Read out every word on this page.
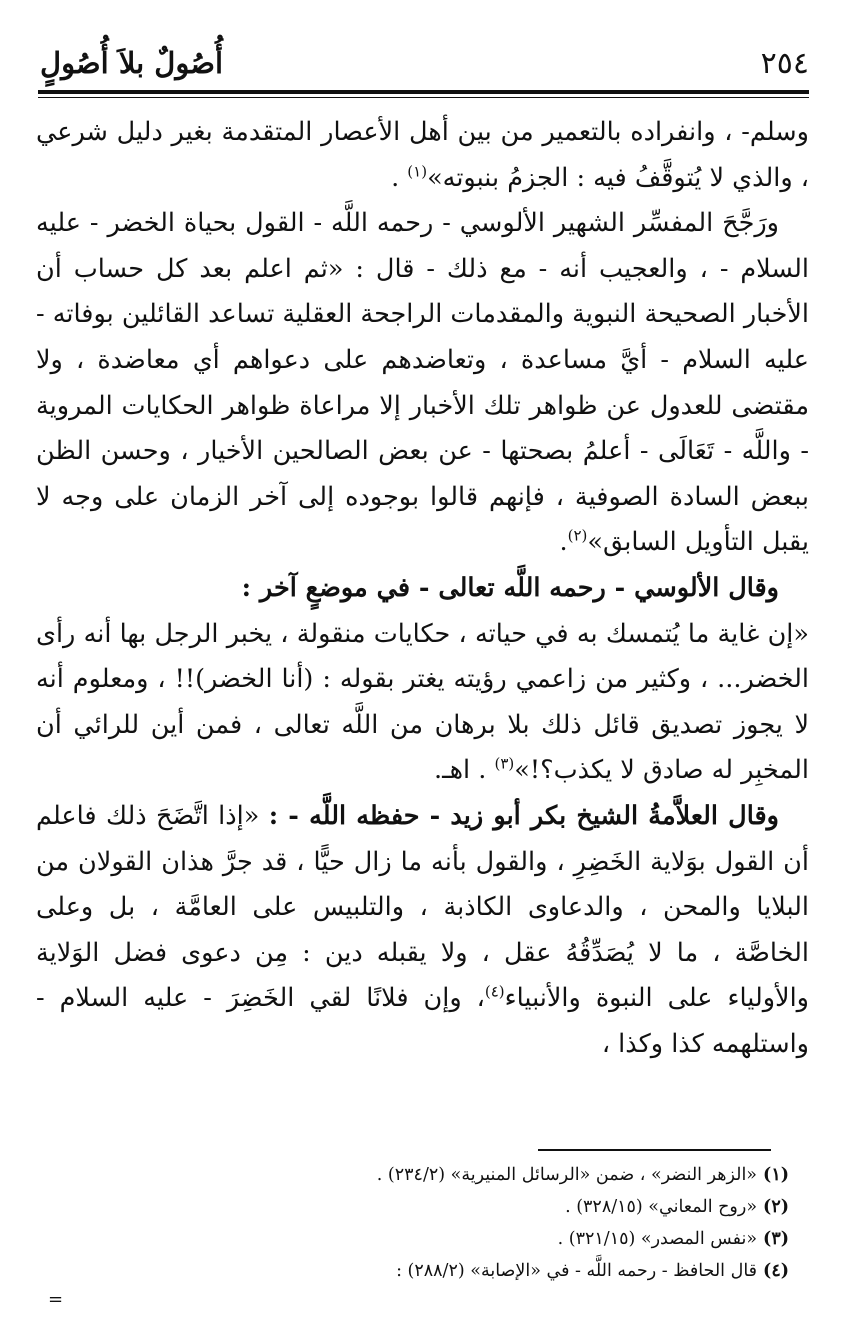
٢٥٤
أُصُولٌ بلاَ أُصُولٍ

وسلم- ، وانفراده بالتعمير من بين أهل الأعصار المتقدمة بغير دليل شرعي ، والذي لا يُتوقَّفُ فيه : الجزمُ بنبوته»$^{(١)}$ .

ورَجَّحَ المفسِّر الشهير الألوسي - رحمه اللَّه - القول بحياة الخضر - عليه السلام - ، والعجيب أنه - مع ذلك - قال : «ثم اعلم بعد كل حساب أن الأخبار الصحيحة النبوية والمقدمات الراجحة العقلية تساعد القائلين بوفاته - عليه السلام - أيَّ مساعدة ، وتعاضدهم على دعواهم أي معاضدة ، ولا مقتضى للعدول عن ظواهر تلك الأخبار إلا مراعاة ظواهر الحكايات المروية - واللَّه - تَعَالَى - أعلمُ بصحتها - عن بعض الصالحين الأخيار ، وحسن الظن ببعض السادة الصوفية ، فإنهم قالوا بوجوده إلى آخر الزمان على وجه لا يقبل التأويل السابق»$^{(٢)}$.

وقال الألوسي - رحمه اللَّه تعالى - في موضعٍ آخر :

«إن غاية ما يُتمسك به في حياته ، حكايات منقولة ، يخبر الرجل بها أنه رأى الخضر... ، وكثير من زاعمي رؤيته يغتر بقوله : (أنا الخضر)!! ، ومعلوم أنه لا يجوز تصديق قائل ذلك بلا برهان من اللَّه تعالى ، فمن أين للرائي أن المخبِر له صادق لا يكذب؟!»$^{(٣)}$ . اهـ.

وقال العلاَّمةُ الشيخ بكر أبو زيد - حفظه اللَّه - : «إذا اتَّضَحَ ذلك فاعلم أن القول بوَلاية الخَضِرِ ، والقول بأنه ما زال حيًّا ، قد جرَّ هذان القولان من البلايا والمحن ، والدعاوى الكاذبة ، والتلبيس على العامَّة ، بل وعلى الخاصَّة ، ما لا يُصَدِّقُهُ عقل ، ولا يقبله دين : مِن دعوى فضل الوَلاية والأولياء على النبوة والأنبياء$^{(٤)}$، وإن فلانًا لقي الخَضِرَ - عليه السلام - واستلهمه كذا وكذا ،

(١)«الزهر النضر» ، ضمن «الرسائل المنيرية» (٢٣٤/٢) .
(٢)«روح المعاني» (٣٢٨/١٥) .
(٣)«نفس المصدر» (٣٢١/١٥) .
(٤)قال الحافظ - رحمه اللَّه - في «الإصابة» (٢٨٨/٢) :
=
